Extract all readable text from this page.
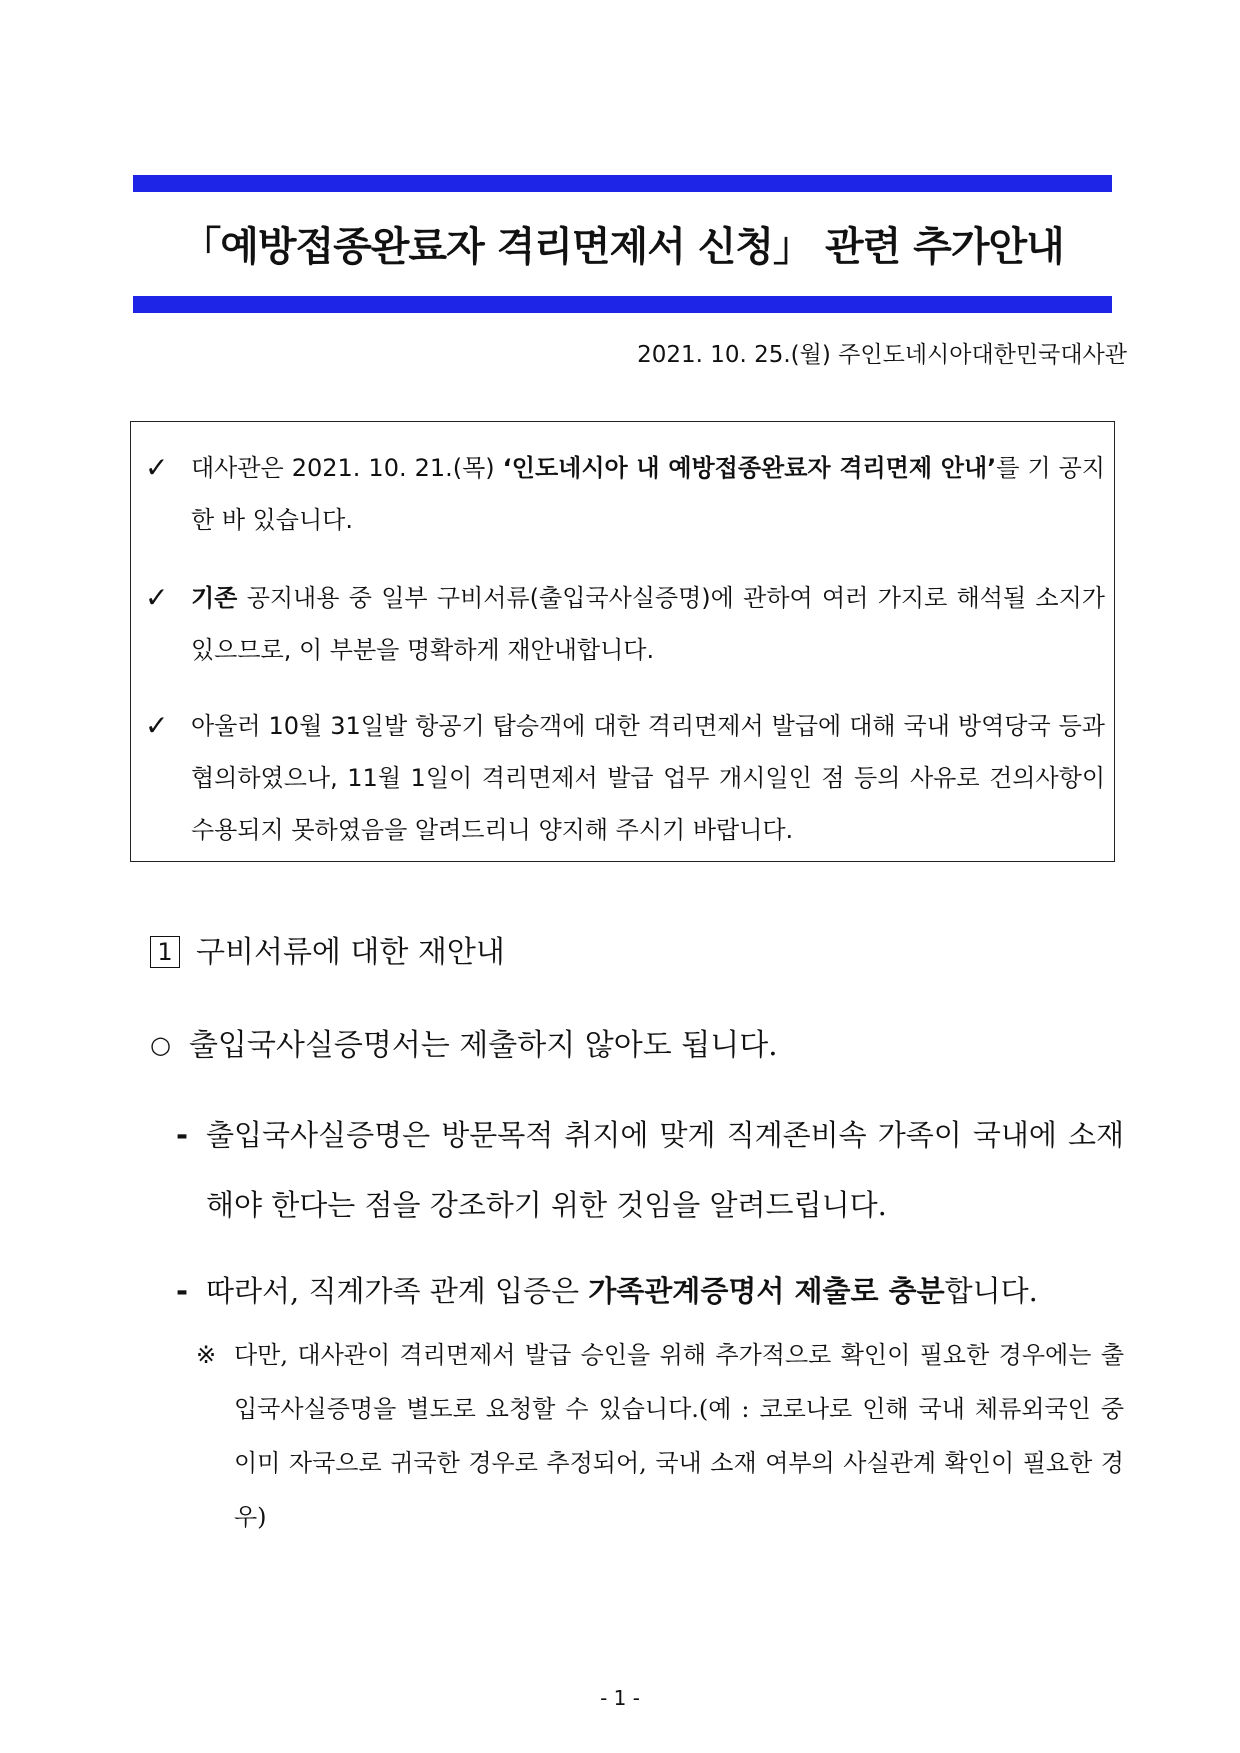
「예방접종완료자 격리면제서 신청」 관련 추가안내
2021. 10. 25.(월) 주인도네시아대한민국대사관
✓ 대사관은 2021. 10. 21.(목) ‘인도네시아 내 예방접종완료자 격리면제 안내’를 기 공지한 바 있습니다.
✓ 기존 공지내용 중 일부 구비서류(출입국사실증명)에 관하여 여러 가지로 해석될 소지가 있으므로, 이 부분을 명확하게 재안내합니다.
✓ 아울러 10월 31일발 항공기 탑승객에 대한 격리면제서 발급에 대해 국내 방역당국 등과 협의하였으나, 11월 1일이 격리면제서 발급 업무 개시일인 점 등의 사유로 건의사항이 수용되지 못하였음을 알려드리니 양지해 주시기 바랍니다.
1 구비서류에 대한 재안내
○ 출입국사실증명서는 제출하지 않아도 됩니다.
- 출입국사실증명은 방문목적 취지에 맞게 직계존비속 가족이 국내에 소재해야 한다는 점을 강조하기 위한 것임을 알려드립니다.
- 따라서, 직계가족 관계 입증은 가족관계증명서 제출로 충분합니다.
※ 다만, 대사관이 격리면제서 발급 승인을 위해 추가적으로 확인이 필요한 경우에는 출입국사실증명을 별도로 요청할 수 있습니다.(예 : 코로나로 인해 국내 체류외국인 중 이미 자국으로 귀국한 경우로 추정되어, 국내 소재 여부의 사실관계 확인이 필요한 경우)
- 1 -
